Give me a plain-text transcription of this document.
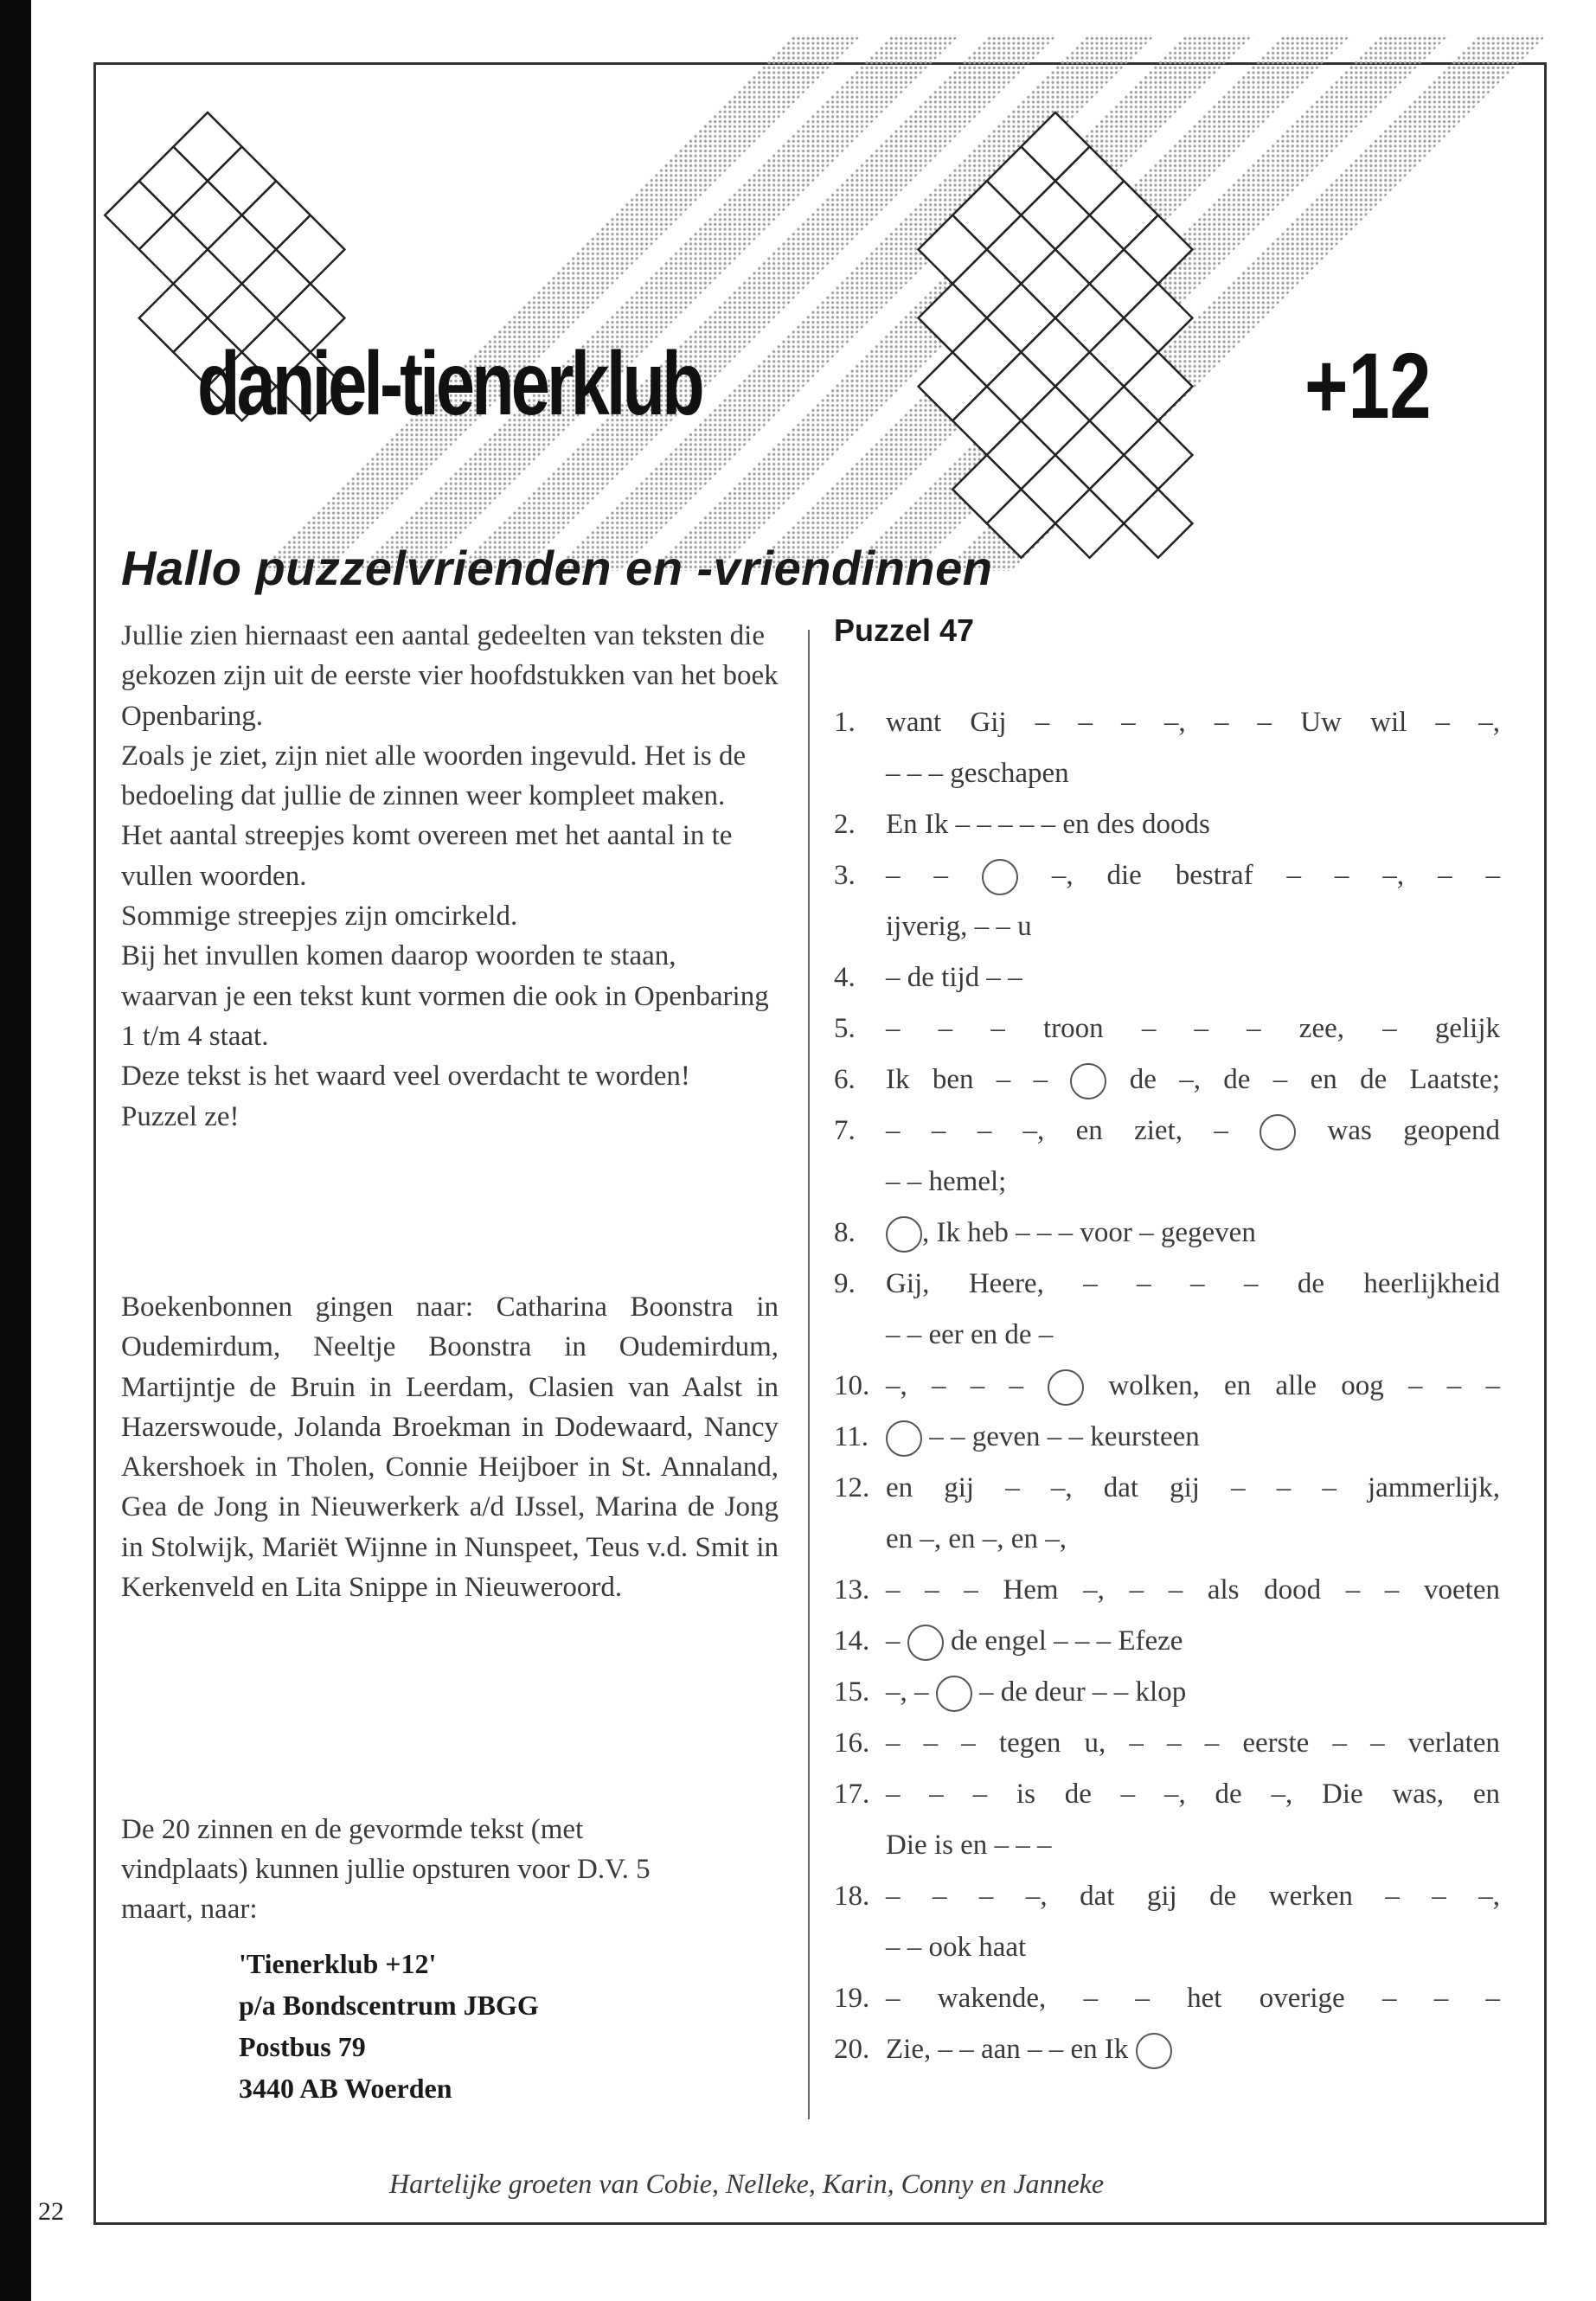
daniel-tienerklub	+12
Hallo puzzelvrienden en -vriendinnen

Jullie zien hiernaast een aantal gedeelten van teksten die gekozen zijn uit de eerste vier hoofdstukken van het boek Openbaring.

Zoals je ziet, zijn niet alle woorden ingevuld. Het is de bedoeling dat jullie de zinnen weer kompleet maken.

Het aantal streepjes komt overeen met het aantal in te vullen woorden.

Sommige streepjes zijn omcirkeld.

Bij het invullen komen daarop woorden te staan, waarvan je een tekst kunt vormen die ook in Openbaring 1 t/m 4 staat.

Deze tekst is het waard veel overdacht te worden!

Puzzel ze!

Boekenbonnen gingen naar: Catharina Boonstra in Oudemirdum, Neeltje Boonstra in Oudemirdum, Martijntje de Bruin in Leerdam, Clasien van Aalst in Hazerswoude, Jolanda Broekman in Dodewaard, Nancy Akershoek in Tholen, Connie Heijboer in St. Annaland, Gea de Jong in Nieuwerkerk a/d IJssel, Marina de Jong in Stolwijk, Mariët Wijnne in Nunspeet, Teus v.d. Smit in Kerkenveld en Lita Snippe in Nieuweroord.
De 20 zinnen en de gevormde tekst (met vindplaats) kunnen jullie opsturen voor D.V. 5 maart, naar:
'Tienerklub +12'
p/a Bondscentrum JBGG
Postbus 79
3440 AB Woerden
Puzzel 47
1.	want Gij – – – –, – – Uw wil – –,
– – – geschapen
2.	En Ik – – – – – en des doods
3.	– –  –, die bestraf – – –, – –
ijverig, – – u
4.	– de tijd – –
5.	– – – troon – – – zee, – gelijk
6.	Ik ben – –  de –, de – en de Laatste;
7.	– – – –, en ziet, –  was geopend
– – hemel;
8.	, Ik heb – – – voor – gegeven
9.	Gij, Heere, – – – – de heerlijkheid
– – eer en de –
10. –, – – –  wolken, en alle oog – – –
11.	– – geven – – keursteen
12. en gij – –, dat gij – – – jammerlijk,
en –, en –, en –,
13. – – – Hem –, – – als dood – – voeten
14. –  de engel – – – Efeze
15. –, –  – de deur – – klop
16. – – – tegen u, – – – eerste – – verlaten
17. – – – is de – –, de –, Die was, en
Die is en – – –
18. – – – –, dat gij de werken – – –,
– – ook haat
19. – wakende, – – het overige – – –
20. Zie, – – aan – – en Ik
Hartelijke groeten van Cobie, Nelleke, Karin, Conny en Janneke
22
